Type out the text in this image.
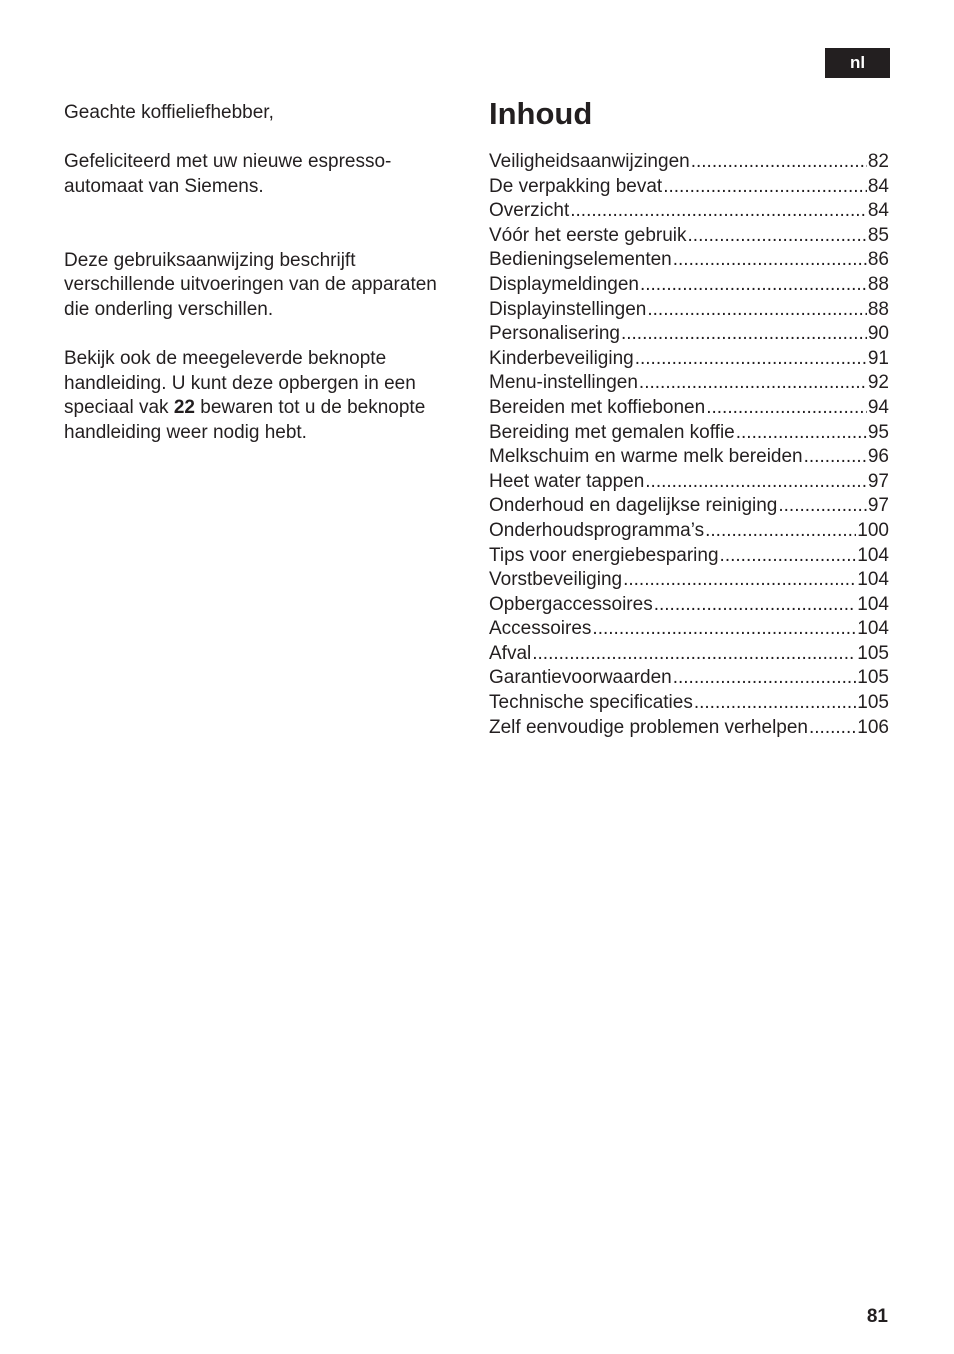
nl

Geachte koffieliefhebber,

Gefeliciteerd met uw nieuwe espresso-automaat van Siemens.

Deze gebruiksaanwijzing beschrijft verschillende uitvoeringen van de apparaten die onderling verschillen.

Bekijk ook de meegeleverde beknopte handleiding. U kunt deze opbergen in een speciaal vak 22 bewaren tot u de beknopte handleiding weer nodig hebt.

Inhoud
Veiligheidsaanwijzingen .....	82
De verpakking bevat .....	84
Overzicht .....	84
Vóór het eerste gebruik .....	85
Bedieningselementen .....	86
Displaymeldingen .....	88
Displayinstellingen .....	88
Personalisering .....	90
Kinderbeveiliging .....	91
Menu-instellingen .....	92
Bereiden met koffiebonen .....	94
Bereiding met gemalen koffie .....	95
Melkschuim en warme melk bereiden .....	96
Heet water tappen .....	97
Onderhoud en dagelijkse reiniging .....	97
Onderhoudsprogramma’s .....	100
Tips voor energiebesparing .....	104
Vorstbeveiliging .....	104
Opbergaccessoires .....	104
Accessoires .....	104
Afval .....	105
Garantievoorwaarden .....	105
Technische specificaties .....	105
Zelf eenvoudige problemen verhelpen .....	106
81
